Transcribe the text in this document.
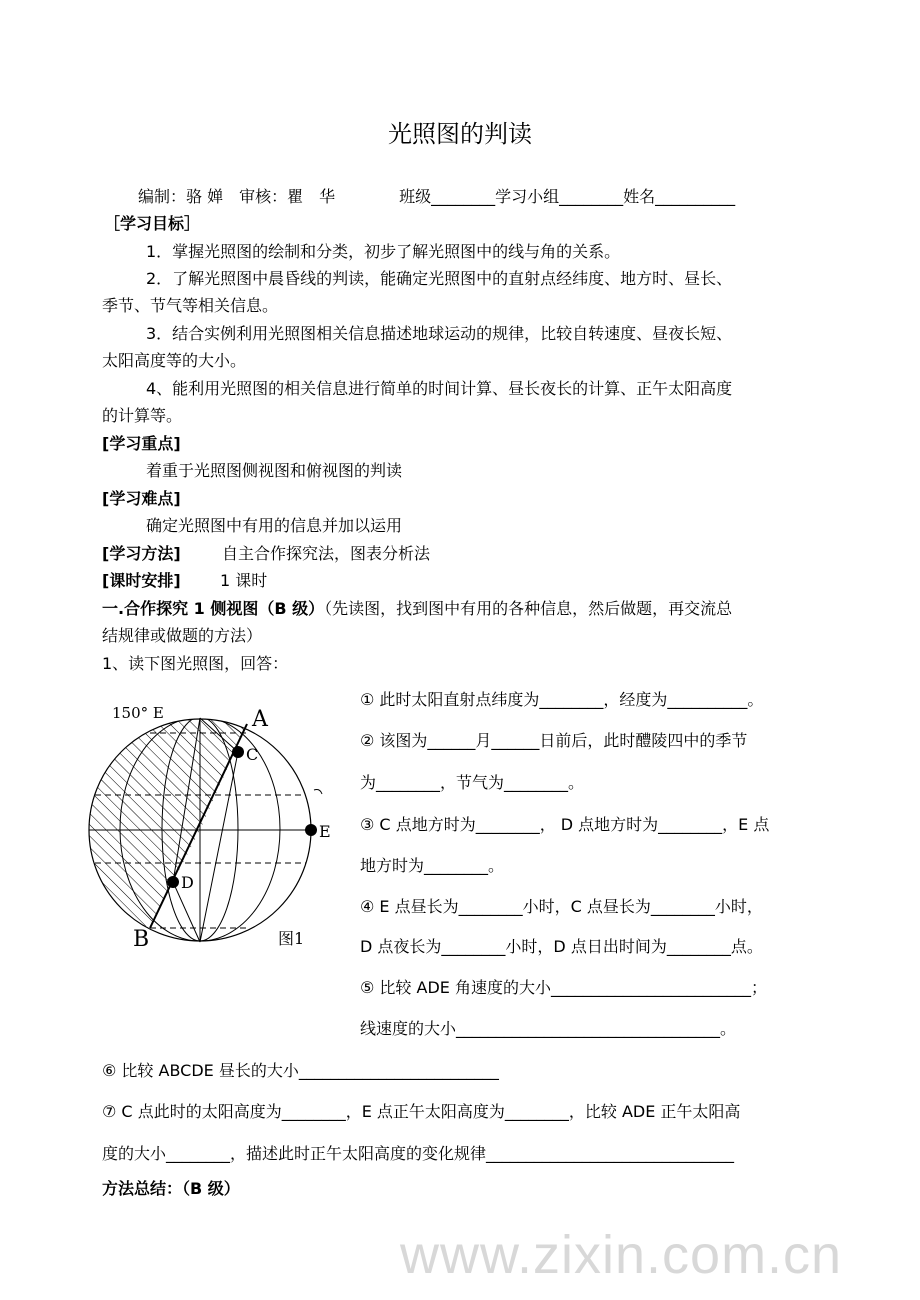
光照图的判读
编制：骆 婵　审核：瞿　华　　　　班级________学习小组________姓名__________
［学习目标］
1．掌握光照图的绘制和分类，初步了解光照图中的线与角的关系。
2．了解光照图中晨昏线的判读，能确定光照图中的直射点经纬度、地方时、昼长、
季节、节气等相关信息。
3．结合实例利用光照图相关信息描述地球运动的规律，比较自转速度、昼夜长短、
太阳高度等的大小。
4、能利用光照图的相关信息进行简单的时间计算、昼长夜长的计算、正午太阳高度
的计算等。
[学习重点]
着重于光照图侧视图和俯视图的判读
[学习难点]
确定光照图中有用的信息并加以运用
[学习方法]	自主合作探究法，图表分析法
[课时安排] 1 课时
一.合作探究 1 侧视图（B 级）（先读图，找到图中有用的各种信息，然后做题，再交流总
结规律或做题的方法）
1、读下图光照图，回答：
150° E	A
C
E
D
B	图1
① 此时太阳直射点纬度为________，经度为__________。
② 该图为______月______日前后，此时醴陵四中的季节
为________，节气为________。
③ C 点地方时为________， D 点地方时为________，E 点
地方时为________。
④ E 点昼长为________小时，C 点昼长为________小时，
D 点夜长为________小时，D 点日出时间为________点。
⑤ 比较 ADE 角速度的大小_________________________；
线速度的大小_________________________________。
⑥ 比较 ABCDE 昼长的大小_________________________
⑦ C 点此时的太阳高度为________，E 点正午太阳高度为________，比较 ADE 正午太阳高
度的大小________，描述此时正午太阳高度的变化规律_______________________________
方法总结：（B 级）
www.zixin.com.cn
